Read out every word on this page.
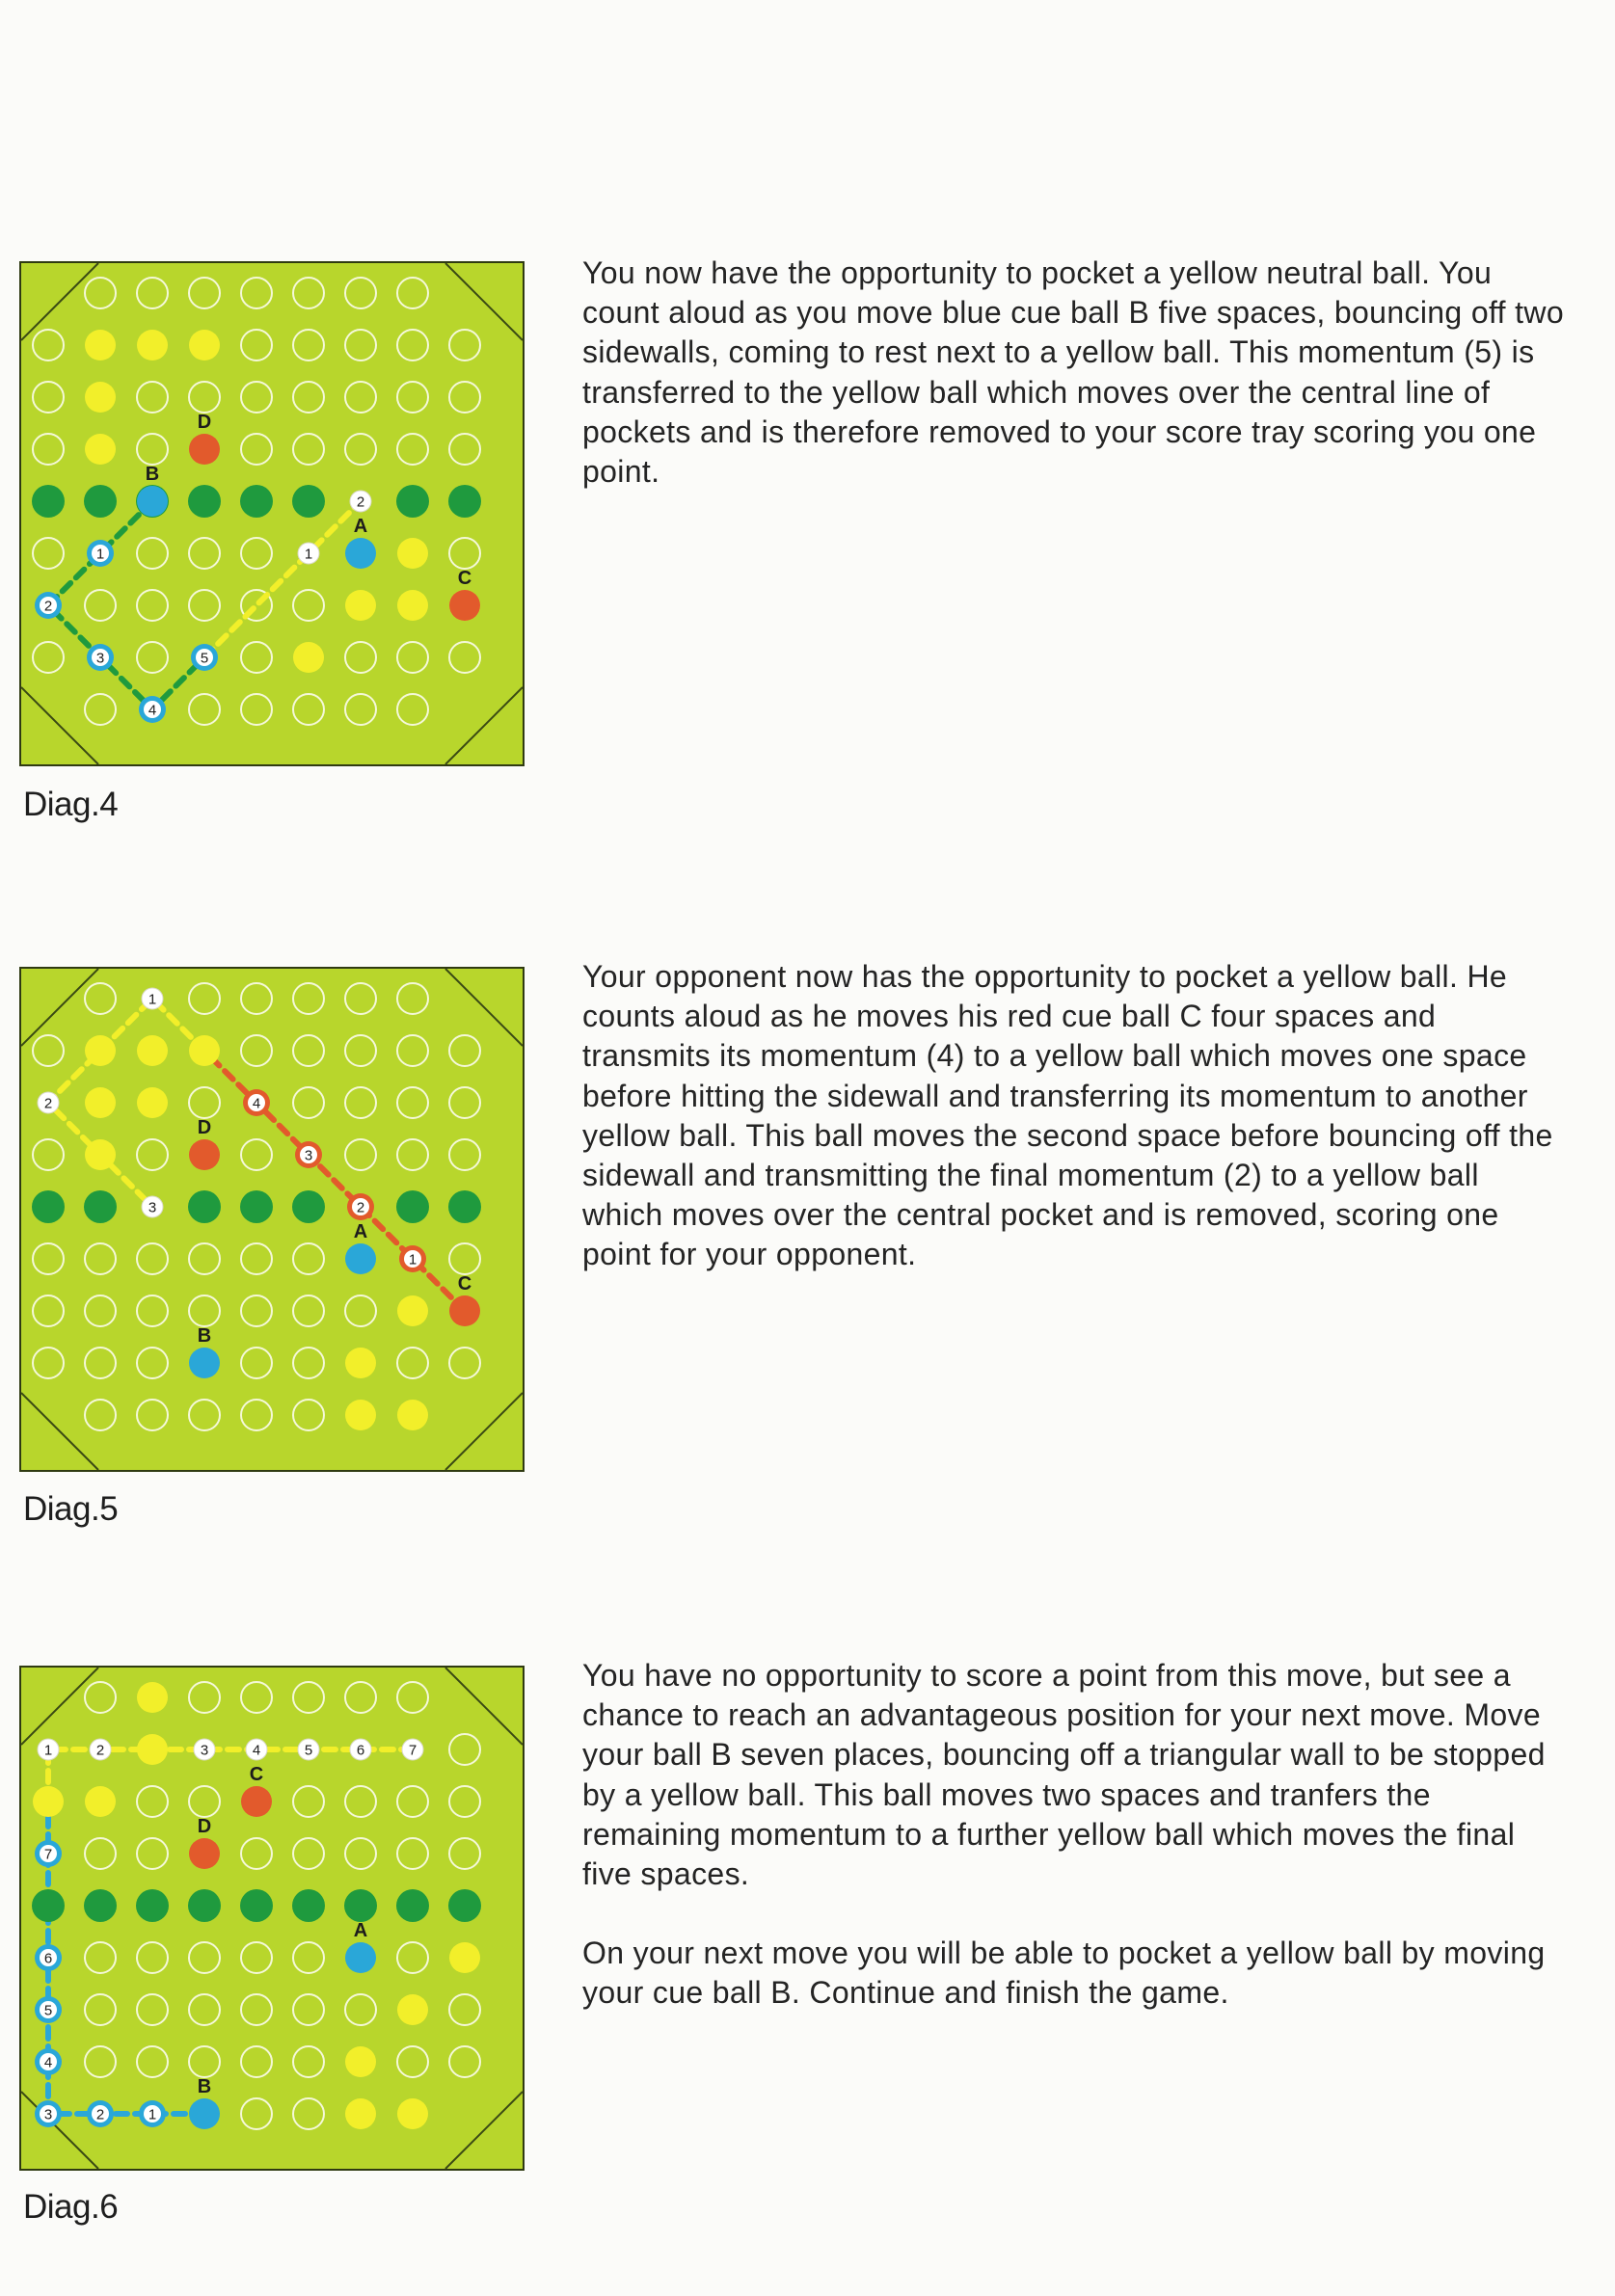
B
D
A
C
1
2
3
4
5
1
2
Diag.4

You now have the opportunity to pocket a yellow neutral ball. You count aloud as you move blue cue ball B five spaces, bouncing off two sidewalls, coming to rest next to a yellow ball. This momentum (5) is transferred to the yellow ball which moves over the central line of pockets and is therefore removed to your score tray scoring you one point.

D
A
C
B
1
2
3
4
1
2
3
Diag.5

Your opponent now has the opportunity to pocket a yellow ball. He counts aloud as he moves his red cue ball C four spaces and transmits its momentum (4) to a yellow ball which moves one space before hitting the sidewall and transferring its momentum to another yellow ball. This ball moves the second space before bouncing off the sidewall and transmitting the final momentum (2) to a yellow ball which moves over the central pocket and is removed, scoring one point for your opponent.

C
D
A
B
1
2
3
4
5
6
7
1	2	3	4	5	6	7
Diag.6

You have no opportunity to score a point from this move, but see a chance to reach an advantageous position for your next move. Move your ball B seven places, bouncing off a triangular wall to be stopped by a yellow ball. This ball moves two spaces and tranfers the remaining momentum to a further yellow ball which moves the final five spaces.

On your next move you will be able to pocket a yellow ball by moving your cue ball B. Continue and finish the game.
